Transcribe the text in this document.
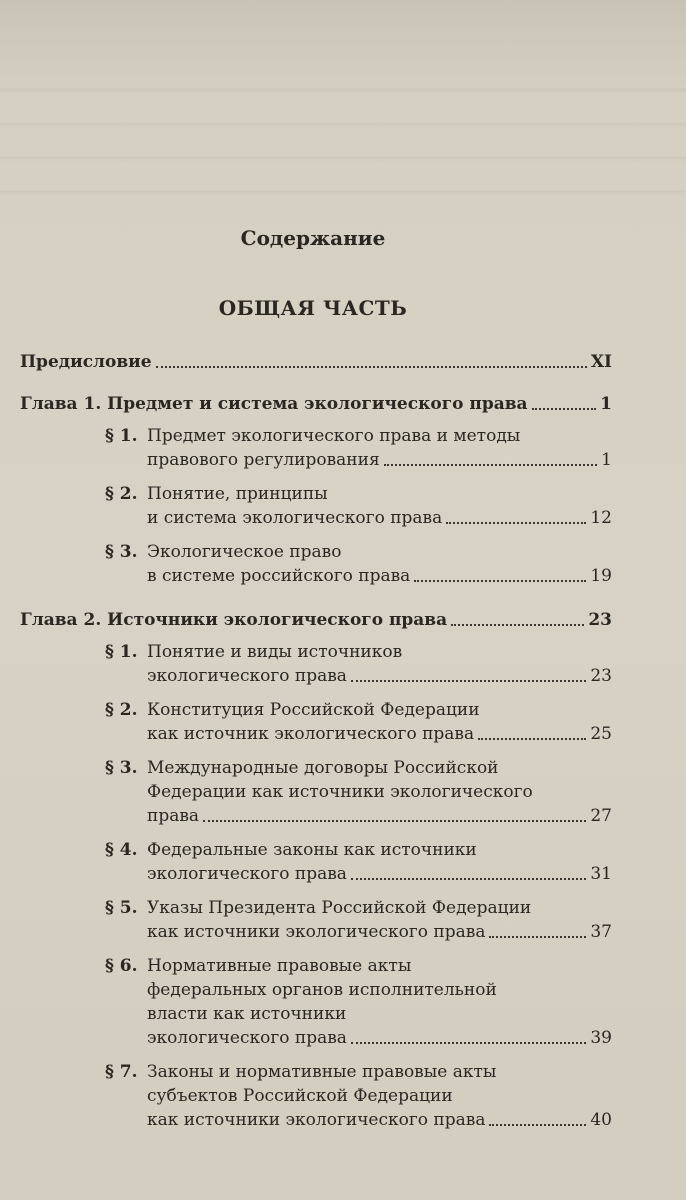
Содержание
ОБЩАЯ ЧАСТЬ
Предисловие	XI
Глава 1. Предмет и система экологического права	1
§ 1. Предмет экологического права и методы
правового регулирования	1
§ 2. Понятие, принципы
и система экологического права	12
§ 3. Экологическое право
в системе российского права	19
Глава 2. Источники экологического права	23
§ 1. Понятие и виды источников
экологического права	23
§ 2. Конституция Российской Федерации
как источник экологического права	25
§ 3. Международные договоры Российской
Федерации как источники экологического
права	27
§ 4. Федеральные законы как источники
экологического права	31
§ 5. Указы Президента Российской Федерации
как источники экологического права	37
§ 6. Нормативные правовые акты
федеральных органов исполнительной
власти как источники
экологического права	39
§ 7. Законы и нормативные правовые акты
субъектов Российской Федерации
как источники экологического права	40
